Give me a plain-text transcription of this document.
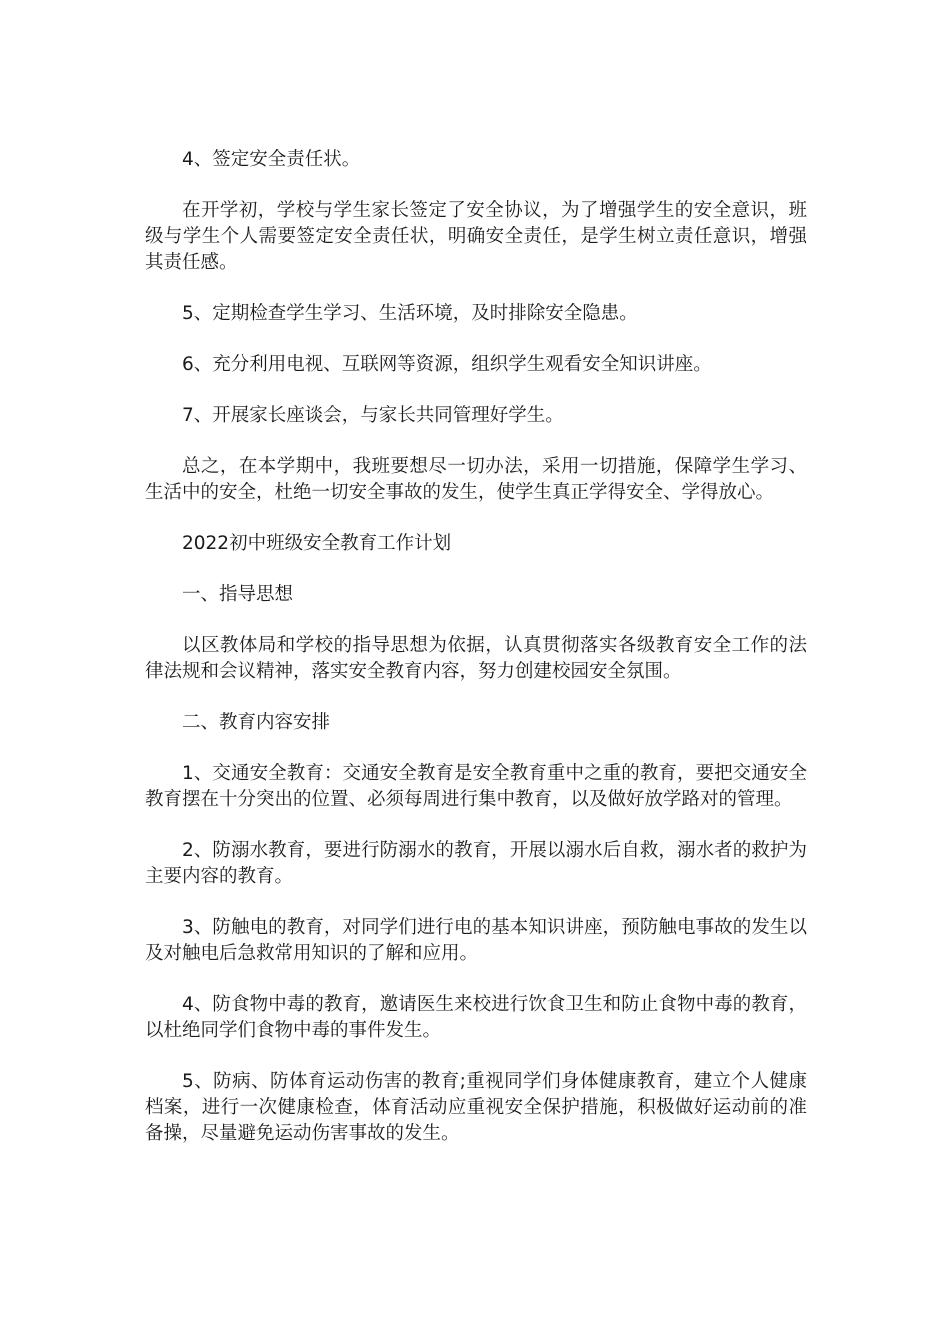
4、签定安全责任状。

在开学初，学校与学生家长签定了安全协议，为了增强学生的安全意识，班级与学生个人需要签定安全责任状，明确安全责任，是学生树立责任意识，增强其责任感。

5、定期检查学生学习、生活环境，及时排除安全隐患。

6、充分利用电视、互联网等资源，组织学生观看安全知识讲座。

7、开展家长座谈会，与家长共同管理好学生。

总之，在本学期中，我班要想尽一切办法，采用一切措施，保障学生学习、生活中的安全，杜绝一切安全事故的发生，使学生真正学得安全、学得放心。

2022初中班级安全教育工作计划

一、指导思想

以区教体局和学校的指导思想为依据，认真贯彻落实各级教育安全工作的法律法规和会议精神，落实安全教育内容，努力创建校园安全氛围。

二、教育内容安排

1、交通安全教育：交通安全教育是安全教育重中之重的教育，要把交通安全教育摆在十分突出的位置、必须每周进行集中教育，以及做好放学路对的管理。

2、防溺水教育，要进行防溺水的教育，开展以溺水后自救，溺水者的救护为主要内容的教育。

3、防触电的教育，对同学们进行电的基本知识讲座，预防触电事故的发生以及对触电后急救常用知识的了解和应用。

4、防食物中毒的教育，邀请医生来校进行饮食卫生和防止食物中毒的教育，以杜绝同学们食物中毒的事件发生。

5、防病、防体育运动伤害的教育;重视同学们身体健康教育，建立个人健康档案，进行一次健康检查，体育活动应重视安全保护措施，积极做好运动前的准备操，尽量避免运动伤害事故的发生。
